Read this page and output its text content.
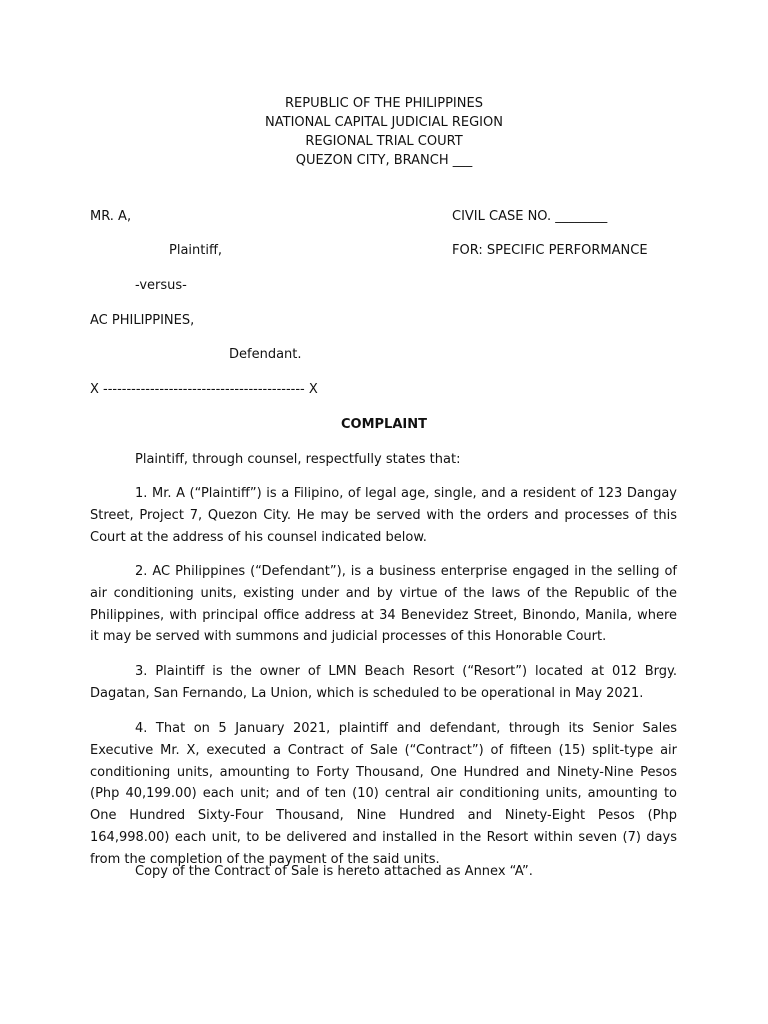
REPUBLIC OF THE PHILIPPINES
NATIONAL CAPITAL JUDICIAL REGION
REGIONAL TRIAL COURT
QUEZON CITY, BRANCH ___
MR. A,	CIVIL CASE NO. ________
Plaintiff,	FOR: SPECIFIC PERFORMANCE
-versus-
AC PHILIPPINES,
Defendant.
X ------------------------------------------- X
COMPLAINT

Plaintiff, through counsel, respectfully states that:

1. Mr. A (“Plaintiff”) is a Filipino, of legal age, single, and a resident of 123 Dangay Street, Project 7, Quezon City. He may be served with the orders and processes of this Court at the address of his counsel indicated below.

2. AC Philippines (“Defendant”), is a business enterprise engaged in the selling of air conditioning units, existing under and by virtue of the laws of the Republic of the Philippines, with principal office address at 34 Benevidez Street, Binondo, Manila, where it may be served with summons and judicial processes of this Honorable Court.

3. Plaintiff is the owner of LMN Beach Resort (“Resort”) located at 012 Brgy. Dagatan, San Fernando, La Union, which is scheduled to be operational in May 2021.

4. That on 5 January 2021, plaintiff and defendant, through its Senior Sales Executive Mr. X, executed a Contract of Sale (“Contract”) of fifteen (15) split-type air conditioning units, amounting to Forty Thousand, One Hundred and Ninety-Nine Pesos (Php 40,199.00) each unit; and of ten (10) central air conditioning units, amounting to One Hundred Sixty-Four Thousand, Nine Hundred and Ninety-Eight Pesos (Php 164,998.00) each unit, to be delivered and installed in the Resort within seven (7) days from the completion of the payment of the said units.

Copy of the Contract of Sale is hereto attached as Annex “A”.
